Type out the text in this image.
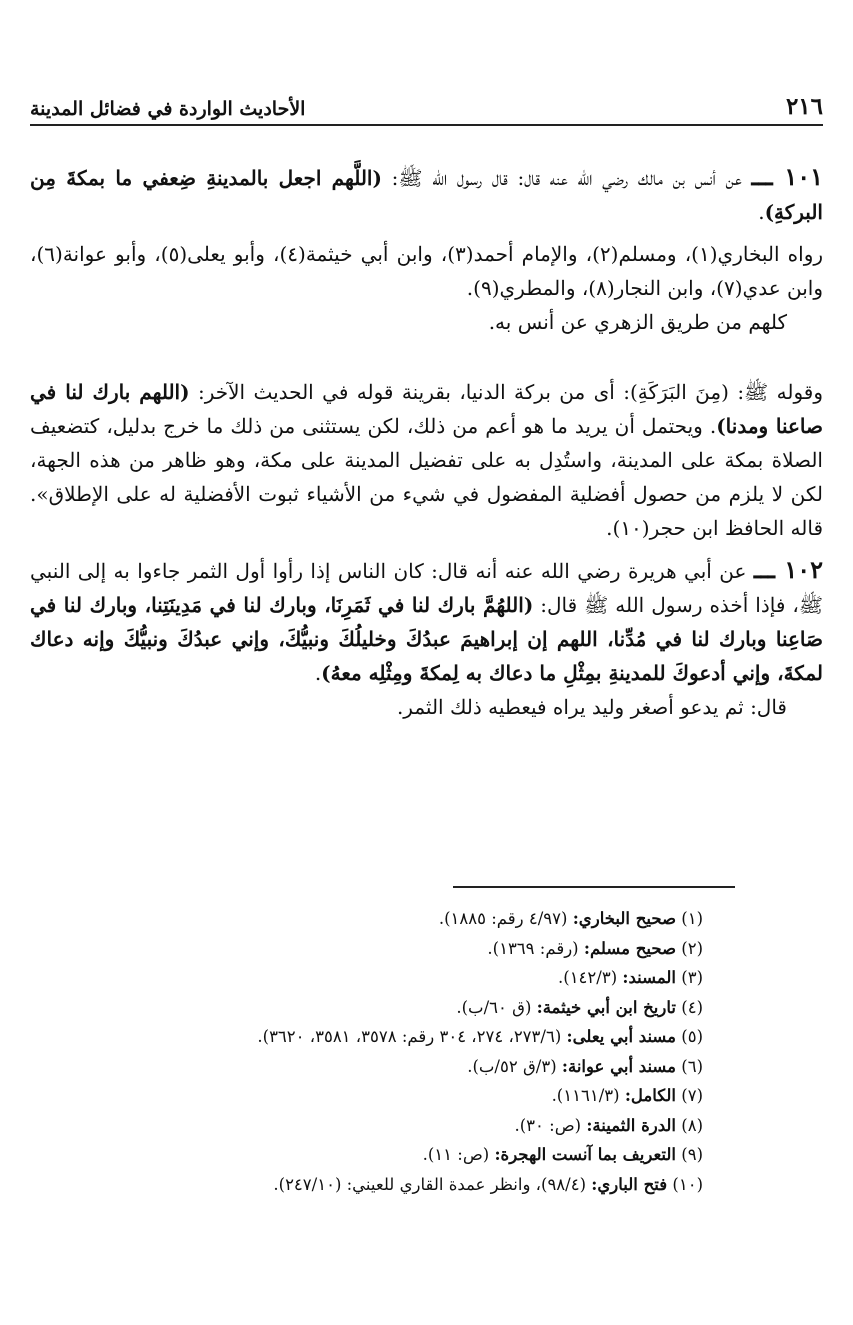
٢١٦
الأحاديث الواردة في فضائل المدينة

١٠١ ـــ عن أنس بن مالك رضي الله عنه قال: قال رسول الله ﷺ: (اللَّهم اجعل بالمدينةِ ضِعفي ما بمكةَ مِن البركةِ).

رواه البخاري(١)، ومسلم(٢)، والإمام أحمد(٣)، وابن أبي خيثمة(٤)، وأبو يعلى(٥)، وأبو عوانة(٦)، وابن عدي(٧)، وابن النجار(٨)، والمطري(٩).

كلهم من طريق الزهري عن أنس به.

وقوله ﷺ: (مِنَ البَرَكَةِ): أى من بركة الدنيا، بقرينة قوله في الحديث الآخر: (اللهم بارك لنا في صاعنا ومدنا). ويحتمل أن يريد ما هو أعم من ذلك، لكن يستثنى من ذلك ما خرج بدليل، كتضعيف الصلاة بمكة على المدينة، واستُدِل به على تفضيل المدينة على مكة، وهو ظاهر من هذه الجهة، لكن لا يلزم من حصول أفضلية المفضول في شيء من الأشياء ثبوت الأفضلية له على الإطلاق». قاله الحافظ ابن حجر(١٠).

١٠٢ ـــ عن أبي هريرة رضي الله عنه أنه قال: كان الناس إذا رأوا أول الثمر جاءوا به إلى النبي ﷺ، فإذا أخذه رسول الله ﷺ قال: (اللهُمَّ بارك لنا في ثَمَرِنَا، وبارك لنا في مَدِينَتِنا، وبارك لنا في صَاعِنا وبارك لنا في مُدِّنا، اللهم إن إبراهيمَ عبدُكَ وخليلُكَ ونبيُّكَ، وإني عبدُكَ ونبيُّكَ وإنه دعاك لمكةَ، وإني أدعوكَ للمدينةِ بمِثْلِ ما دعاك به لِمكةَ ومِثْلِه معهُ).

قال: ثم يدعو أصغر وليد يراه فيعطيه ذلك الثمر.

(١) صحيح البخاري: (٤/٩٧ رقم: ١٨٨٥).
(٢) صحيح مسلم: (رقم: ١٣٦٩).
(٣) المسند: (١٤٢/٣).
(٤) تاريخ ابن أبي خيثمة: (ق ٦٠/ب).
(٥) مسند أبي يعلى: (٢٧٣/٦، ٢٧٤، ٣٠٤ رقم: ٣٥٧٨، ٣٥٨١، ٣٦٢٠).
(٦) مسند أبي عوانة: (٣/ق ٥٢/ب).
(٧) الكامل: (١١٦١/٣).
(٨) الدرة الثمينة: (ص: ٣٠).
(٩) التعريف بما آنست الهجرة: (ص: ١١).
(١٠) فتح الباري: (٩٨/٤)، وانظر عمدة القاري للعيني: (٢٤٧/١٠).
